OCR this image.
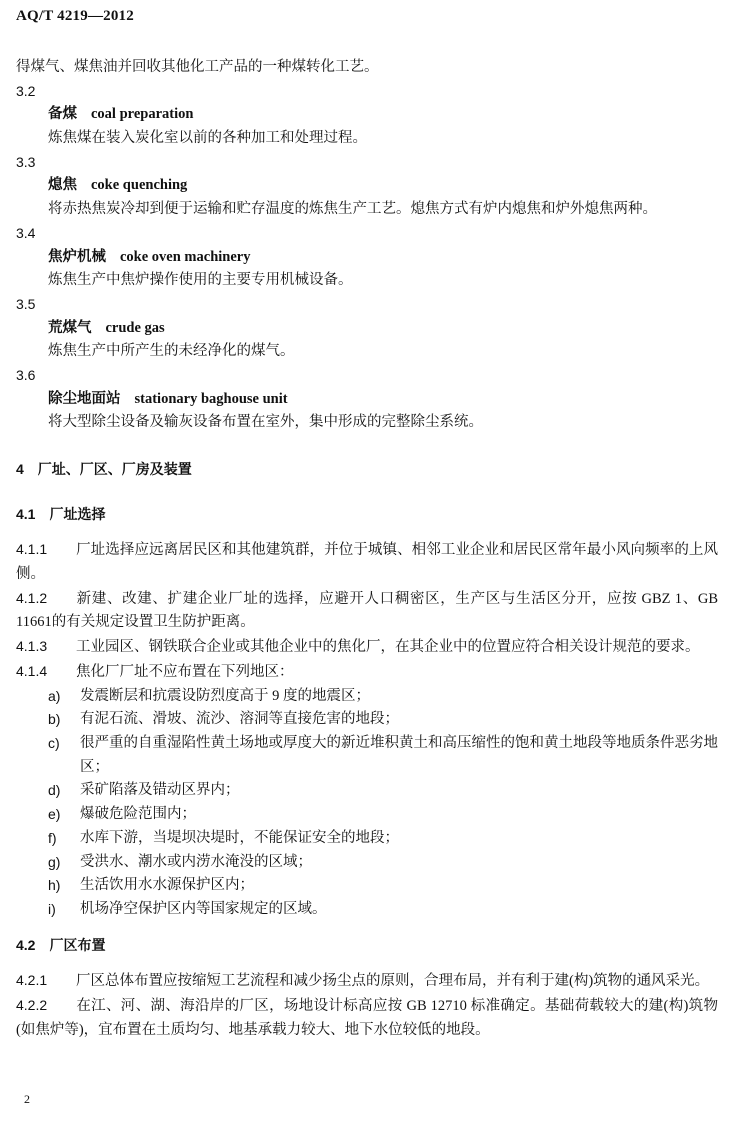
AQ/T 4219—2012
得煤气、煤焦油并回收其他化工产品的一种煤转化工艺。
3.2
备煤 coal preparation
炼焦煤在装入炭化室以前的各种加工和处理过程。
3.3
熄焦 coke quenching
将赤热焦炭冷却到便于运输和贮存温度的炼焦生产工艺。熄焦方式有炉内熄焦和炉外熄焦两种。
3.4
焦炉机械 coke oven machinery
炼焦生产中焦炉操作使用的主要专用机械设备。
3.5
荒煤气 crude gas
炼焦生产中所产生的未经净化的煤气。
3.6
除尘地面站 stationary baghouse unit
将大型除尘设备及输灰设备布置在室外，集中形成的完整除尘系统。
4 厂址、厂区、厂房及装置
4.1 厂址选择
4.1.1 厂址选择应远离居民区和其他建筑群，并位于城镇、相邻工业企业和居民区常年最小风向频率的上风侧。
4.1.2 新建、改建、扩建企业厂址的选择，应避开人口稠密区，生产区与生活区分开，应按 GBZ 1、GB 11661的有关规定设置卫生防护距离。
4.1.3 工业园区、钢铁联合企业或其他企业中的焦化厂，在其企业中的位置应符合相关设计规范的要求。
4.1.4 焦化厂厂址不应布置在下列地区：
a)	发震断层和抗震设防烈度高于 9 度的地震区；
b)	有泥石流、滑坡、流沙、溶洞等直接危害的地段；
c)	很严重的自重湿陷性黄土场地或厚度大的新近堆积黄土和高压缩性的饱和黄土地段等地质条件恶劣地区；
d)	采矿陷落及错动区界内；
e)	爆破危险范围内；
f)	水库下游，当堤坝决堤时，不能保证安全的地段；
g)	受洪水、潮水或内涝水淹没的区域；
h)	生活饮用水水源保护区内；
i)	机场净空保护区内等国家规定的区域。
4.2 厂区布置
4.2.1 厂区总体布置应按缩短工艺流程和减少扬尘点的原则，合理布局，并有利于建(构)筑物的通风采光。
4.2.2 在江、河、湖、海沿岸的厂区，场地设计标高应按 GB 12710 标准确定。基础荷载较大的建(构)筑物(如焦炉等)，宜布置在土质均匀、地基承载力较大、地下水位较低的地段。
2
